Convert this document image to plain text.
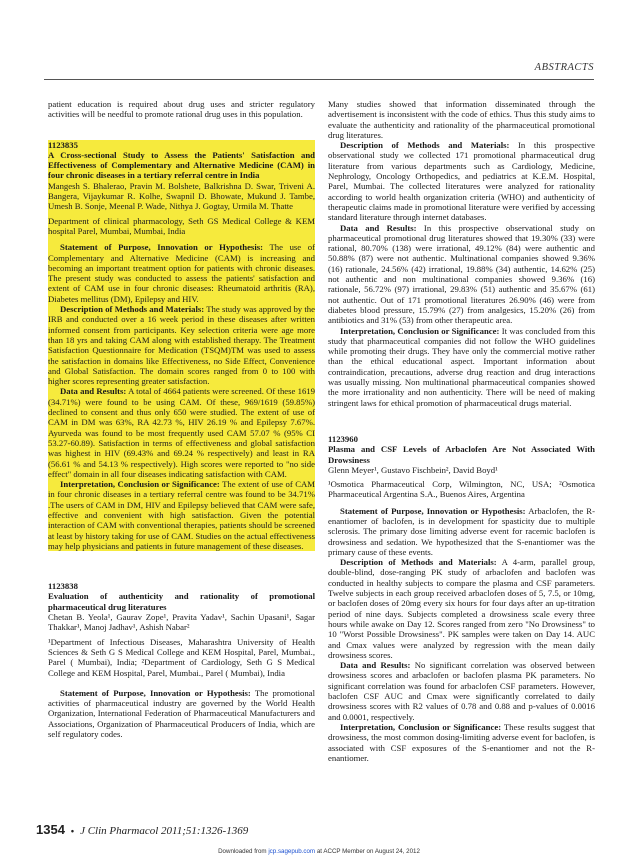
ABSTRACTS

patient education is required about drug uses and stricter regulatory activities will be needful to promote rational drug uses in this population.

1123835

A Cross-sectional Study to Assess the Patients' Satisfaction and Effectiveness of Complementary and Alternative Medicine (CAM) in four chronic diseases in a tertiary referral centre in India

Mangesh S. Bhalerao, Pravin M. Bolshete, Balkrishna D. Swar, Triveni A. Bangera, Vijaykumar R. Kolhe, Swapnil D. Bhowate, Mukund J. Tambe, Umesh B. Sonje, Meenal P. Wade, Nithya J. Gogtay, Urmila M. Thatte

Department of clinical pharmacology, Seth GS Medical College & KEM hospital Parel, Mumbai, Mumbai, India

Statement of Purpose, Innovation or Hypothesis: The use of Complementary and Alternative Medicine (CAM) is increasing and becoming an important treatment option for patients with chronic diseases. The present study was conducted to assess the patients' satisfaction and extent of CAM use in four chronic diseases: Rheumatoid arthritis (RA), Diabetes mellitus (DM), Epilepsy and HIV.

Description of Methods and Materials: The study was approved by the IRB and conducted over a 16 week period in these diseases after written informed consent from participants. Key selection criteria were age more than 18 yrs and taking CAM along with established therapy. The Treatment Satisfaction Questionnaire for Medication (TSQM)TM was used to assess the satisfaction in domains like Effectiveness, no Side Effect, Convenience and Global Satisfaction. The domain scores ranged from 0 to 100 with higher scores representing greater satisfaction.

Data and Results: A total of 4664 patients were screened. Of these 1619 (34.71%) were found to be using CAM. Of these, 969/1619 (59.85%) declined to consent and thus only 650 were studied. The extent of use of CAM in DM was 63%, RA 42.73 %, HIV 26.19 % and Epilepsy 7.67%. Ayurveda was found to be most frequently used CAM 57.07 % (95% CI 53.27-60.89). Satisfaction in terms of effectiveness and global satisfaction was highest in HIV (69.43% and 69.24 % respectively) and least in RA (56.61 % and 54.13 % respectively). High scores were reported to "no side effect" domain in all four diseases indicating satisfaction with CAM.

Interpretation, Conclusion or Significance: The extent of use of CAM in four chronic diseases in a tertiary referral centre was found to be 34.71% .The users of CAM in DM, HIV and Epilepsy believed that CAM were safe, effective and convenient with high satisfaction. Given the potential interaction of CAM with conventional therapies, patients should be screened at least by history taking for use of CAM. Studies on the actual effectiveness may help physicians and patients in future management of these diseases.

1123838

Evaluation of authenticity and rationality of promotional pharmaceutical drug literatures

Chetan B. Yeola¹, Gaurav Zope¹, Pravita Yadav¹, Sachin Upasani¹, Sagar Thakkar¹, Manoj Jadhav¹, Ashish Nabar²

¹Department of Infectious Diseases, Maharashtra University of Health Sciences & Seth G S Medical College and KEM Hospital, Parel, Mumbai., Parel ( Mumbai), India; ²Department of Cardiology, Seth G S Medical College and KEM Hospital, Parel, Mumbai., Parel ( Mumbai), India

Statement of Purpose, Innovation or Hypothesis: The promotional activities of pharmaceutical industry are governed by the World Health Organization, International Federation of Pharmaceutical Manufacturers and Associations, Organization of Pharmaceutical Producers of India, which are self regulatory codes.

Many studies showed that information disseminated through the advertisement is inconsistent with the code of ethics. Thus this study aims to evaluate the authenticity and rationality of the pharmaceutical promotional drug literatures.

Description of Methods and Materials: In this prospective observational study we collected 171 promotional pharmaceutical drug literature from various departments such as Cardiology, Medicine, Nephrology, Oncology Orthopedics, and pediatrics at K.E.M. Hospital, Parel, Mumbai. The collected literatures were analyzed for rationality according to world health organization criteria (WHO) and authenticity of therapeutic claims made in promotional literature were verified by accessing standard literature through internet databases.

Data and Results: In this prospective observational study on pharmaceutical promotional drug literatures showed that 19.30% (33) were rational, 80.70% (138) were irrational, 49.12% (84) were authentic and 50.88% (87) were not authentic. Multinational companies showed 9.36% (16) rationale, 24.56% (42) irrational, 19.88% (34) authentic, 14.62% (25) not authentic and non multinational companies showed 9.36% (16) rationale, 56.72% (97) irrational, 29.83% (51) authentic and 35.67% (61) not authentic. Out of 171 promotional literatures 26.90% (46) were from diabetes blood pressure, 15.79% (27) from analgesics, 15.20% (26) from antibiotics and 31% (53) from other therapeutic area.

Interpretation, Conclusion or Significance: It was concluded from this study that pharmaceutical companies did not follow the WHO guidelines while promoting their drugs. They have only the commercial motive rather than the ethical educational aspect. Important information about contraindication, precautions, adverse drug reaction and drug interactions was usually missing. Non multinational pharmaceutical companies showed the more irrationality and non authenticity. There will be need of making stringent laws for ethical promotion of pharmaceutical drugs material.

1123960

Plasma and CSF Levels of Arbaclofen Are Not Associated With Drowsiness

Glenn Meyer¹, Gustavo Fischbein², David Boyd¹

¹Osmotica Pharmaceutical Corp, Wilmington, NC, USA; ²Osmotica Pharmaceutical Argentina S.A., Buenos Aires, Argentina

Statement of Purpose, Innovation or Hypothesis: Arbaclofen, the R-enantiomer of baclofen, is in development for spasticity due to multiple sclerosis. The primary dose limiting adverse event for racemic baclofen is drowsiness and sedation. We hypothesized that the S-enantiomer was the primary cause of these events.

Description of Methods and Materials: A 4-arm, parallel group, double-blind, dose-ranging PK study of arbaclofen and baclofen was conducted in healthy subjects to compare the plasma and CSF parameters. Twelve subjects in each group received arbaclofen doses of 5, 7.5, or 10mg, or baclofen doses of 20mg every six hours for four days after an up-titration period of nine days. Subjects completed a drowsiness scale every three hours while awake on Day 12. Scores ranged from zero "No Drowsiness" to 10 "Worst Possible Drowsiness". PK samples were taken on Day 14. AUC and Cmax values were analyzed by regression with the mean daily drowsiness scores.

Data and Results: No significant correlation was observed between drowsiness scores and arbaclofen or baclofen plasma PK parameters. No significant correlation was found for arbaclofen CSF parameters. However, baclofen CSF AUC and Cmax were significantly correlated to daily drowsiness scores with R2 values of 0.78 and 0.88 and p-values of 0.0016 and 0.0001, respectively.

Interpretation, Conclusion or Significance: These results suggest that drowsiness, the most common dosing-limiting adverse event for baclofen, is associated with CSF exposures of the S-enantiomer and not the R-enantiomer.

1354 • J Clin Pharmacol 2011;51:1326-1369
Downloaded from jcp.sagepub.com at ACCP Member on August 24, 2012
